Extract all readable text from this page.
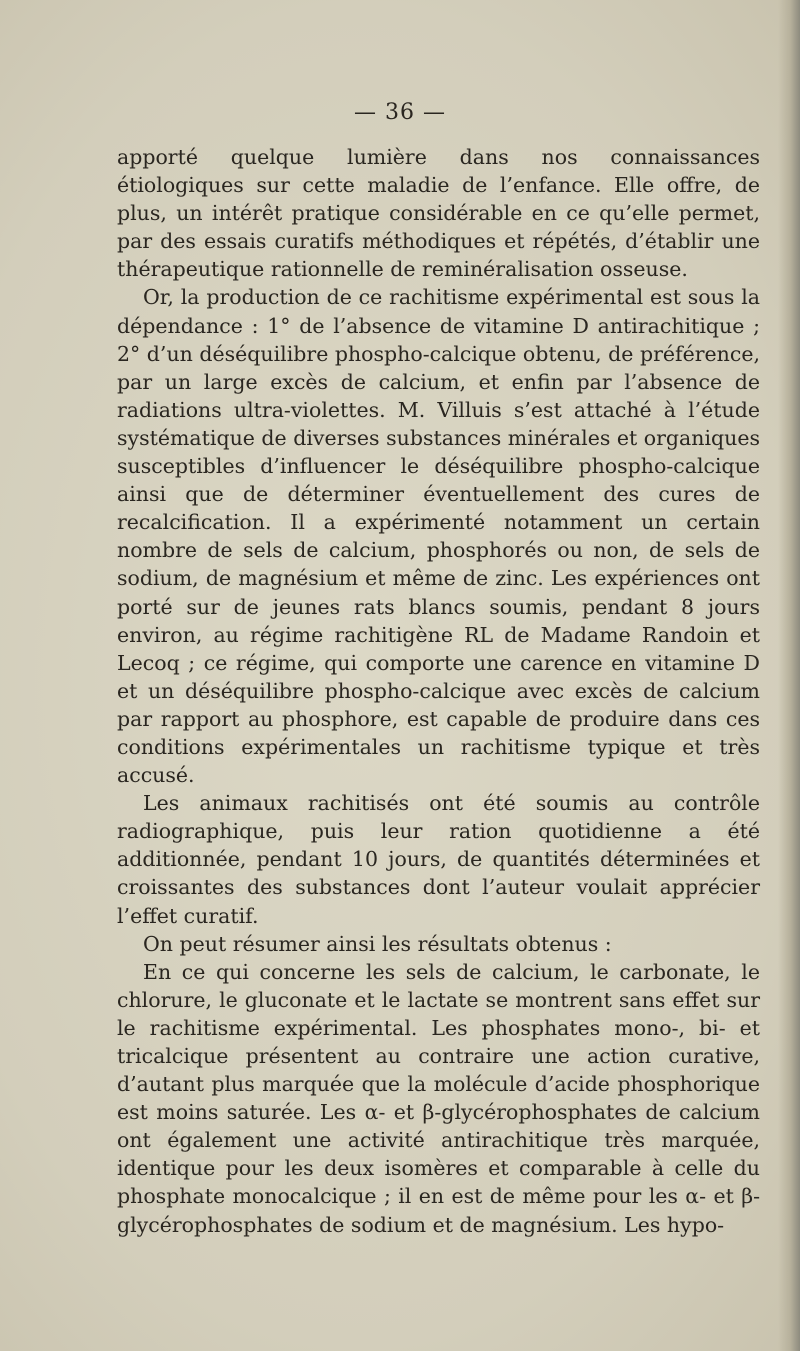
— 36 —

apporté quelque lumière dans nos connaissances étiologiques sur cette maladie de l’enfance. Elle offre, de plus, un intérêt pratique considérable en ce qu’elle permet, par des essais curatifs méthodiques et répétés, d’établir une thérapeutique rationnelle de reminéralisation osseuse.

Or, la production de ce rachitisme expérimental est sous la dépendance : 1° de l’absence de vitamine D antirachitique ; 2° d’un déséquilibre phospho-calcique obtenu, de préférence, par un large excès de calcium, et enfin par l’absence de radiations ultra-violettes. M. Villuis s’est attaché à l’étude systématique de diverses substances minérales et organiques susceptibles d’influencer le déséquilibre phospho-calcique ainsi que de déterminer éventuellement des cures de recalcification. Il a expérimenté notamment un certain nombre de sels de calcium, phosphorés ou non, de sels de sodium, de magnésium et même de zinc. Les expériences ont porté sur de jeunes rats blancs soumis, pendant 8 jours environ, au régime rachitigène RL de Madame Randoin et Lecoq ; ce régime, qui comporte une carence en vitamine D et un déséquilibre phospho-calcique avec excès de calcium par rapport au phosphore, est capable de produire dans ces conditions expérimentales un rachitisme typique et très accusé.

Les animaux rachitisés ont été soumis au contrôle radiographique, puis leur ration quotidienne a été additionnée, pendant 10 jours, de quantités déterminées et croissantes des substances dont l’auteur voulait apprécier l’effet curatif.

On peut résumer ainsi les résultats obtenus :

En ce qui concerne les sels de calcium, le carbonate, le chlorure, le gluconate et le lactate se montrent sans effet sur le rachitisme expérimental. Les phosphates mono-, bi- et tricalcique présentent au contraire une action curative, d’autant plus marquée que la molécule d’acide phosphorique est moins saturée. Les α- et β-glycérophosphates de calcium ont également une activité antirachitique très marquée, identique pour les deux isomères et comparable à celle du phosphate monocalcique ; il en est de même pour les α- et β-glycérophosphates de sodium et de magnésium. Les hypo-
